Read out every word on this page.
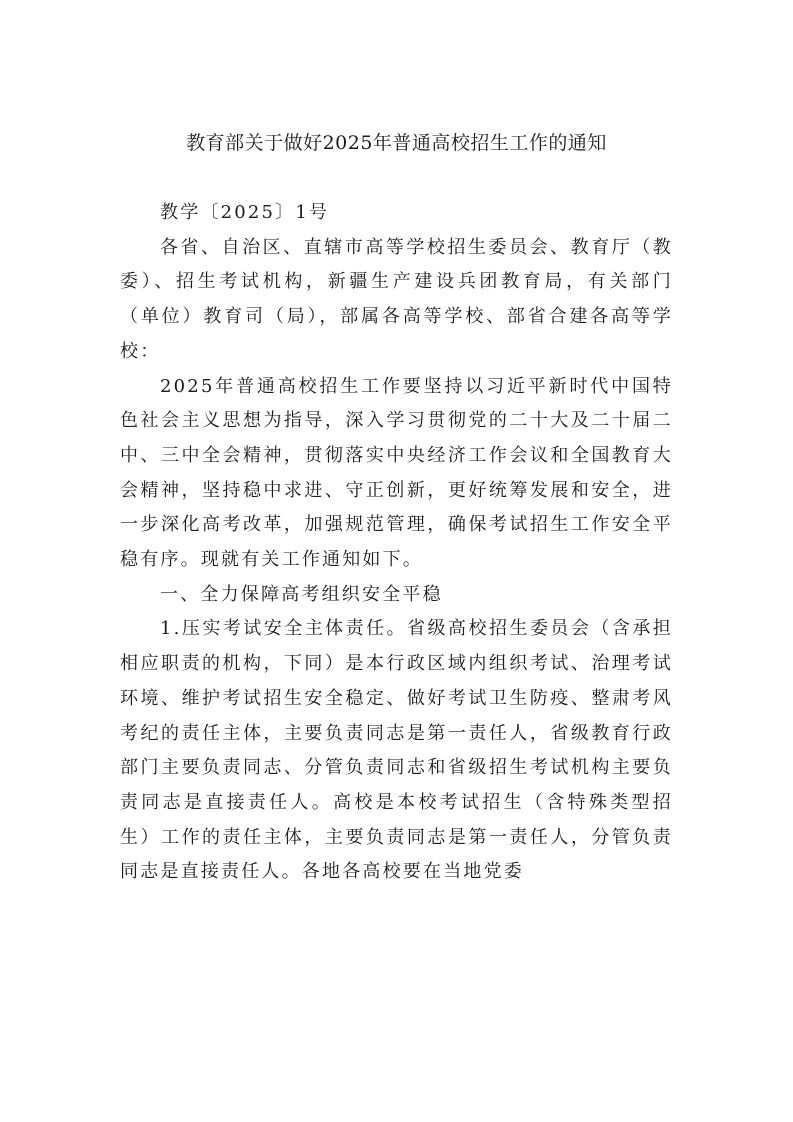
教育部关于做好2025年普通高校招生工作的通知

教学〔2025〕1号

各省、自治区、直辖市高等学校招生委员会、教育厅（教委）、招生考试机构，新疆生产建设兵团教育局，有关部门（单位）教育司（局），部属各高等学校、部省合建各高等学校：

2025年普通高校招生工作要坚持以习近平新时代中国特色社会主义思想为指导，深入学习贯彻党的二十大及二十届二中、三中全会精神，贯彻落实中央经济工作会议和全国教育大会精神，坚持稳中求进、守正创新，更好统筹发展和安全，进一步深化高考改革，加强规范管理，确保考试招生工作安全平稳有序。现就有关工作通知如下。

一、全力保障高考组织安全平稳

1.压实考试安全主体责任。省级高校招生委员会（含承担相应职责的机构，下同）是本行政区域内组织考试、治理考试环境、维护考试招生安全稳定、做好考试卫生防疫、整肃考风考纪的责任主体，主要负责同志是第一责任人，省级教育行政部门主要负责同志、分管负责同志和省级招生考试机构主要负责同志是直接责任人。高校是本校考试招生（含特殊类型招生）工作的责任主体，主要负责同志是第一责任人，分管负责同志是直接责任人。各地各高校要在当地党委
